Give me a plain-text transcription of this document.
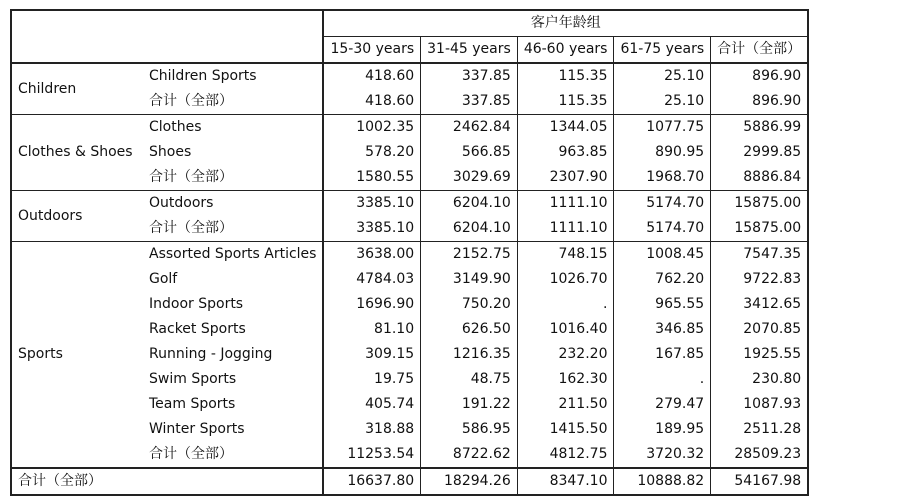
		客户年龄组				
		15-30 years	31-45 years	46-60 years	61-75 years	合计（全部）
Children	Children Sports	418.60	337.85	115.35	25.10	896.90
	合计（全部）	418.60	337.85	115.35	25.10	896.90
Clothes & Shoes	Clothes	1002.35	2462.84	1344.05	1077.75	5886.99
	Shoes	578.20	566.85	963.85	890.95	2999.85
	合计（全部）	1580.55	3029.69	2307.90	1968.70	8886.84
Outdoors	Outdoors	3385.10	6204.10	1111.10	5174.70	15875.00
	合计（全部）	3385.10	6204.10	1111.10	5174.70	15875.00
Sports	Assorted Sports Articles	3638.00	2152.75	748.15	1008.45	7547.35
	Golf	4784.03	3149.90	1026.70	762.20	9722.83
	Indoor Sports	1696.90	750.20	.	965.55	3412.65
	Racket Sports	81.10	626.50	1016.40	346.85	2070.85
	Running - Jogging	309.15	1216.35	232.20	167.85	1925.55
	Swim Sports	19.75	48.75	162.30	.	230.80
	Team Sports	405.74	191.22	211.50	279.47	1087.93
	Winter Sports	318.88	586.95	1415.50	189.95	2511.28
	合计（全部）	11253.54	8722.62	4812.75	3720.32	28509.23
合计（全部）		16637.80	18294.26	8347.10	10888.82	54167.98
